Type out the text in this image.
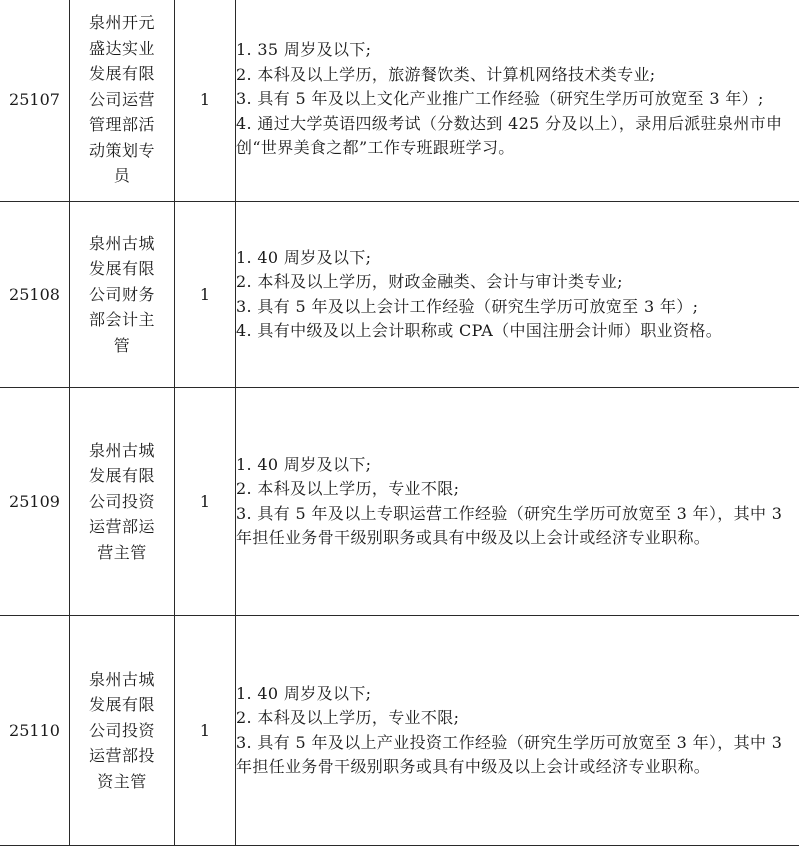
25107	泉州开元盛达实业发展有限公司运营管理部活动策划专员	1	1. 35 周岁及以下;
2. 本科及以上学历，旅游餐饮类、计算机网络技术类专业;
3. 具有 5 年及以上文化产业推广工作经验（研究生学历可放宽至 3 年）;
4. 通过大学英语四级考试（分数达到 425 分及以上），录用后派驻泉州市申创“世界美食之都”工作专班跟班学习。

25108	泉州古城发展有限公司财务部会计主管	1	1. 40 周岁及以下;
2. 本科及以上学历，财政金融类、会计与审计类专业;
3. 具有 5 年及以上会计工作经验（研究生学历可放宽至 3 年）;
4. 具有中级及以上会计职称或 CPA（中国注册会计师）职业资格。

25109	泉州古城发展有限公司投资运营部运营主管	1	1. 40 周岁及以下;
2. 本科及以上学历，专业不限;
3. 具有 5 年及以上专职运营工作经验（研究生学历可放宽至 3 年），其中 3 年担任业务骨干级别职务或具有中级及以上会计或经济专业职称。

25110	泉州古城发展有限公司投资运营部投资主管	1	1. 40 周岁及以下;
2. 本科及以上学历，专业不限;
3. 具有 5 年及以上产业投资工作经验（研究生学历可放宽至 3 年），其中 3 年担任业务骨干级别职务或具有中级及以上会计或经济专业职称。
